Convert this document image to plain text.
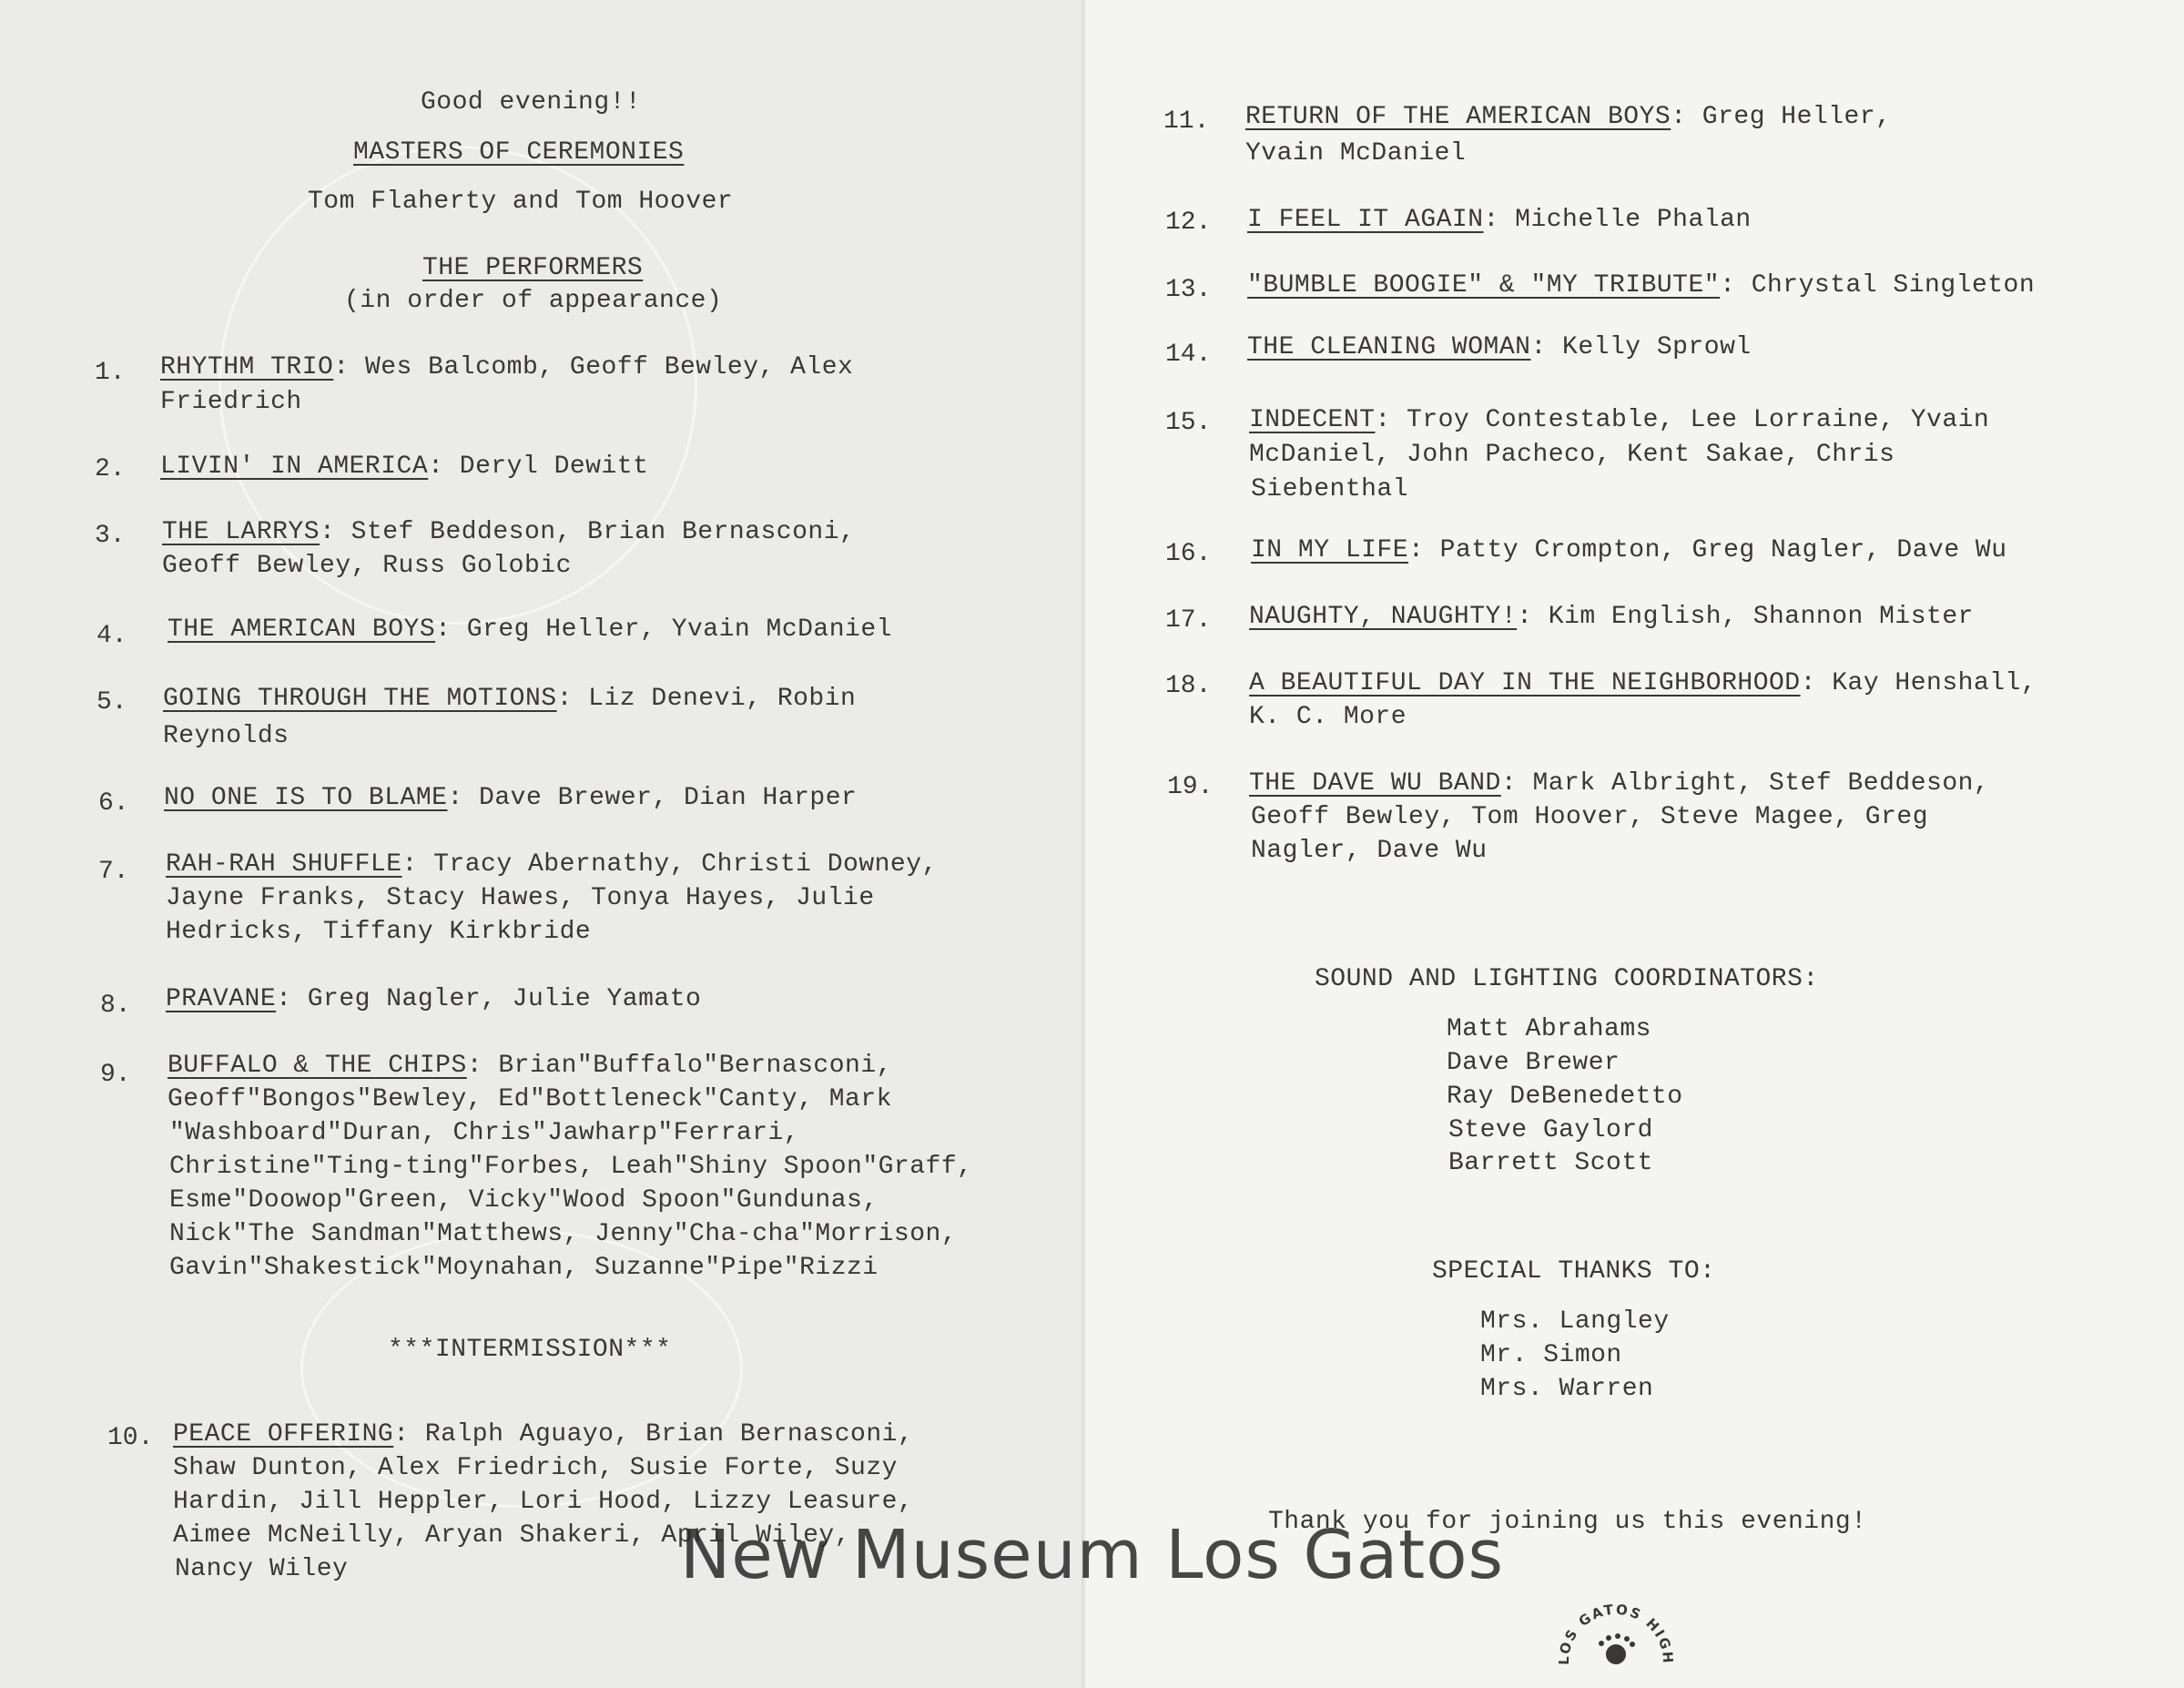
Good evening!!
MASTERS OF CEREMONIES
Tom Flaherty and Tom Hoover
THE PERFORMERS
(in order of appearance)
1. RHYTHM TRIO: Wes Balcomb, Geoff Bewley, Alex
Friedrich
2. LIVIN' IN AMERICA: Deryl Dewitt
3. THE LARRYS: Stef Beddeson, Brian Bernasconi,
Geoff Bewley, Russ Golobic
4. THE AMERICAN BOYS: Greg Heller, Yvain McDaniel
5. GOING THROUGH THE MOTIONS: Liz Denevi, Robin
Reynolds
6. NO ONE IS TO BLAME: Dave Brewer, Dian Harper
7. RAH-RAH SHUFFLE: Tracy Abernathy, Christi Downey,
Jayne Franks, Stacy Hawes, Tonya Hayes, Julie
Hedricks, Tiffany Kirkbride
8. PRAVANE: Greg Nagler, Julie Yamato
9. BUFFALO & THE CHIPS: Brian"Buffalo"Bernasconi,
Geoff"Bongos"Bewley, Ed"Bottleneck"Canty, Mark
"Washboard"Duran, Chris"Jawharp"Ferrari,
Christine"Ting-ting"Forbes, Leah"Shiny Spoon"Graff,
Esme"Doowop"Green, Vicky"Wood Spoon"Gundunas,
Nick"The Sandman"Matthews, Jenny"Cha-cha"Morrison,
Gavin"Shakestick"Moynahan, Suzanne"Pipe"Rizzi
***INTERMISSION***
10. PEACE OFFERING: Ralph Aguayo, Brian Bernasconi,
Shaw Dunton, Alex Friedrich, Susie Forte, Suzy
Hardin, Jill Heppler, Lori Hood, Lizzy Leasure,
Aimee McNeilly, Aryan Shakeri, April Wiley,
Nancy Wiley
11. RETURN OF THE AMERICAN BOYS: Greg Heller,
Yvain McDaniel
12. I FEEL IT AGAIN: Michelle Phalan
13. "BUMBLE BOOGIE" & "MY TRIBUTE": Chrystal Singleton
14. THE CLEANING WOMAN: Kelly Sprowl
15. INDECENT: Troy Contestable, Lee Lorraine, Yvain
McDaniel, John Pacheco, Kent Sakae, Chris
Siebenthal
16. IN MY LIFE: Patty Crompton, Greg Nagler, Dave Wu
17. NAUGHTY, NAUGHTY!: Kim English, Shannon Mister
18. A BEAUTIFUL DAY IN THE NEIGHBORHOOD: Kay Henshall,
K. C. More
19. THE DAVE WU BAND: Mark Albright, Stef Beddeson,
Geoff Bewley, Tom Hoover, Steve Magee, Greg
Nagler, Dave Wu
SOUND AND LIGHTING COORDINATORS:
Matt Abrahams
Dave Brewer
Ray DeBenedetto
Steve Gaylord
Barrett Scott
SPECIAL THANKS TO:
Mrs. Langley
Mr. Simon
Mrs. Warren
Thank you for joining us this evening!
LOS GATOS HIGH
New Museum Los Gatos
